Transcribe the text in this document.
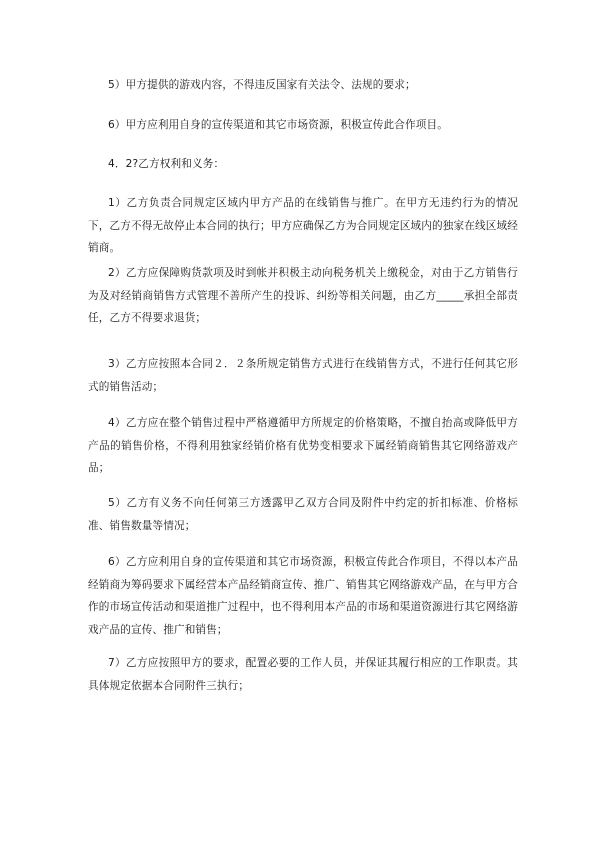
5）甲方提供的游戏内容，不得违反国家有关法令、法规的要求；

6）甲方应利用自身的宣传渠道和其它市场资源，积极宣传此合作项目。

4．2?乙方权利和义务：

1）乙方负责合同规定区域内甲方产品的在线销售与推广。在甲方无违约行为的情况下，乙方不得无故停止本合同的执行；甲方应确保乙方为合同规定区域内的独家在线区域经销商。

2）乙方应保障购货款项及时到帐并积极主动向税务机关上缴税金，对由于乙方销售行为及对经销商销售方式管理不善所产生的投诉、纠纷等相关问题，由乙方_____承担全部责任，乙方不得要求退货；

3）乙方应按照本合同２．２条所规定销售方式进行在线销售方式，不进行任何其它形式的销售活动；

4）乙方应在整个销售过程中严格遵循甲方所规定的价格策略，不擅自抬高或降低甲方产品的销售价格，不得利用独家经销价格有优势变相要求下属经销商销售其它网络游戏产品；

5）乙方有义务不向任何第三方透露甲乙双方合同及附件中约定的折扣标准、价格标准、销售数量等情况；

6）乙方应利用自身的宣传渠道和其它市场资源，积极宣传此合作项目，不得以本产品经销商为筹码要求下属经营本产品经销商宣传、推广、销售其它网络游戏产品，在与甲方合作的市场宣传活动和渠道推广过程中，也不得利用本产品的市场和渠道资源进行其它网络游戏产品的宣传、推广和销售；

7）乙方应按照甲方的要求，配置必要的工作人员，并保证其履行相应的工作职责。其具体规定依据本合同附件三执行；
